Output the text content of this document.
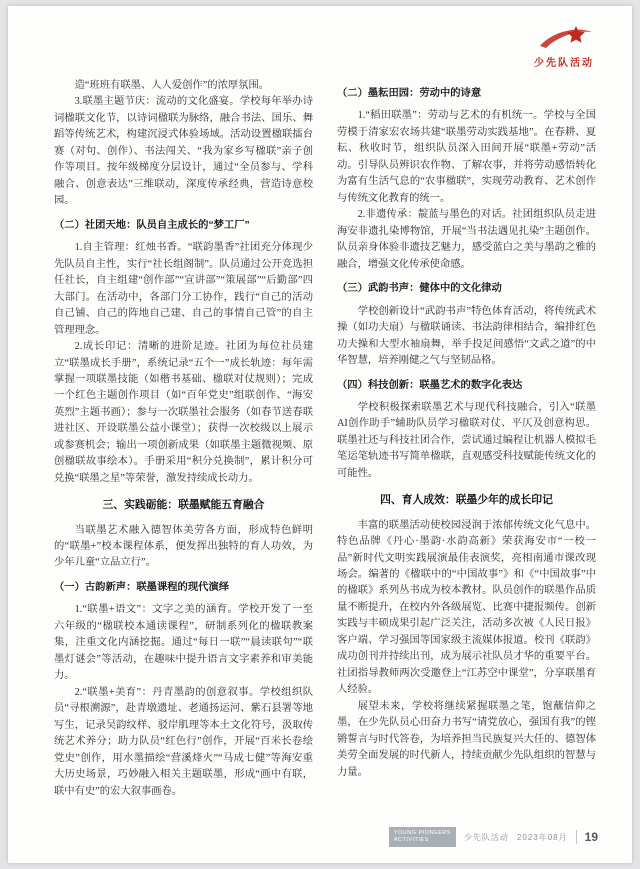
少先队活动
造“班班有联墨、人人爱创作”的浓厚氛围。
3.联墨主题节庆：流动的文化盛宴。学校每年举办诗词楹联文化节，以诗词楹联为脉络，融合书法、国乐、舞蹈等传统艺术，构建沉浸式体验场域。活动设置楹联擂台赛（对句、创作）、书法闯关、“我为家乡写楹联”亲子创作等项目。按年级梯度分层设计，通过“全员参与、学科融合、创意表达”三维联动，深度传承经典，营造诗意校园。
（二）社团天地：队员自主成长的“梦工厂”
1.自主管理：红烛书香。“联韵墨香”社团充分体现少先队员自主性，实行“社长组阁制”。队员通过公开竞选担任社长，自主组建“创作部”“宣讲部”“策展部”“后勤部”四大部门。在活动中，各部门分工协作，践行“自己的活动自己铺、自己的阵地自己建、自己的事情自己管”的自主管理理念。
2.成长印记：清晰的进阶足迹。社团为每位社员建立“联墨成长手册”，系统记录“五个一”成长轨迹：每年需掌握一项联墨技能（如楷书基础、楹联对仗规则）；完成一个红色主题创作项目（如“百年党史”组联创作、“海安英烈”主题书画）；参与一次联墨社会服务（如春节送春联进社区、开设联墨公益小课堂）；获得一次校级以上展示或参赛机会；输出一项创新成果（如联墨主题微视频、原创楹联故事绘本）。手册采用“积分兑换制”，累计积分可兑换“联墨之星”等荣誉，激发持续成长动力。
三、实践砺能：联墨赋能五育融合
当联墨艺术融入德智体美劳各方面，形成特色鲜明的“联墨+”校本课程体系，便发挥出独特的育人功效，为少年儿童“立品立行”。
（一）古韵新声：联墨课程的现代演绎
1.“联墨+语文”：文字之美的涵育。学校开发了一至六年级的“楹联校本通读课程”，研制系列化的楹联教案集，注重文化内涵挖掘。通过“每日一联”“晨读联句”“联墨灯谜会”等活动，在趣味中提升语言文字素养和审美能力。
2.“联墨+美育”：丹青墨韵的创意叙事。学校组织队员“寻根溯源”，赴青墩遗址、老通扬运河、紫石县署等地写生，记录吴韵纹样、驳岸肌理等本土文化符号，汲取传统艺术养分；助力队员“红色行”创作，开展“百米长卷绘党史”创作，用水墨描绘“营溪烽火”“马成七健”等海安重大历史场景，巧妙融入相关主题联墨，形成“画中有联，联中有史”的宏大叙事画卷。
（二）墨耘田园：劳动中的诗意
1.“稻田联墨”：劳动与艺术的有机统一。学校与全国劳模于清家宏农场共建“联墨劳动实践基地”。在春耕、夏耘、秋收时节，组织队员深入田间开展“联墨+劳动”活动。引导队员辨识农作物、了解农事，并将劳动感悟转化为富有生活气息的“农事楹联”，实现劳动教育、艺术创作与传统文化教育的统一。
2.非遗传承：靛蓝与墨色的对话。社团组织队员走进海安非遗扎染博物馆，开展“当书法遇见扎染”主题创作。队员亲身体验非遗技艺魅力，感受蓝白之美与墨韵之雅的融合，增强文化传承使命感。
（三）武韵书声：健体中的文化律动
学校创新设计“武韵书声”特色体育活动，将传统武术操（如功夫扇）与楹联诵读、书法韵律相结合，编排红色功夫操和大型水袖扇舞，举手投足间感悟“文武之道”的中华智慧，培养刚健之气与坚韧品格。
（四）科技创新：联墨艺术的数字化表达
学校积极探索联墨艺术与现代科技融合，引入“联墨AI创作助手”辅助队员学习楹联对仗、平仄及创意构思。联墨社还与科技社团合作，尝试通过编程让机器人模拟毛笔运笔轨迹书写简单楹联，直观感受科技赋能传统文化的可能性。
四、育人成效：联墨少年的成长印记
丰富的联墨活动使校园浸润于浓郁传统文化气息中。特色品牌《丹心·墨韵·水韵高新》荣获海安市“一校一品”新时代文明实践展演最佳表演奖，亮相南通市课改现场会。编著的《楹联中的“中国故事”》和《“中国故事”中的楹联》系列丛书成为校本教材。队员创作的联墨作品质量不断提升，在校内外各级展览、比赛中捷报频传。创新实践与丰硕成果引起广泛关注，活动多次被《人民日报》客户端、学习强国等国家级主流媒体报道。校刊《联韵》成功创刊并持续出刊，成为展示社队员才华的重要平台。社团指导教师两次受邀登上“江苏空中课堂”，分享联墨育人经验。
展望未来，学校将继续紧握联墨之笔，饱蘸信仰之墨，在少先队员心田奋力书写“请党放心，强国有我”的铿锵誓言与时代答卷，为培养担当民族复兴大任的、德智体美劳全面发展的时代新人，持续贡献少先队组织的智慧与力量。
YOUNG PIONEERS
ACTIVITIES	少先队活动 2023年08月 19
